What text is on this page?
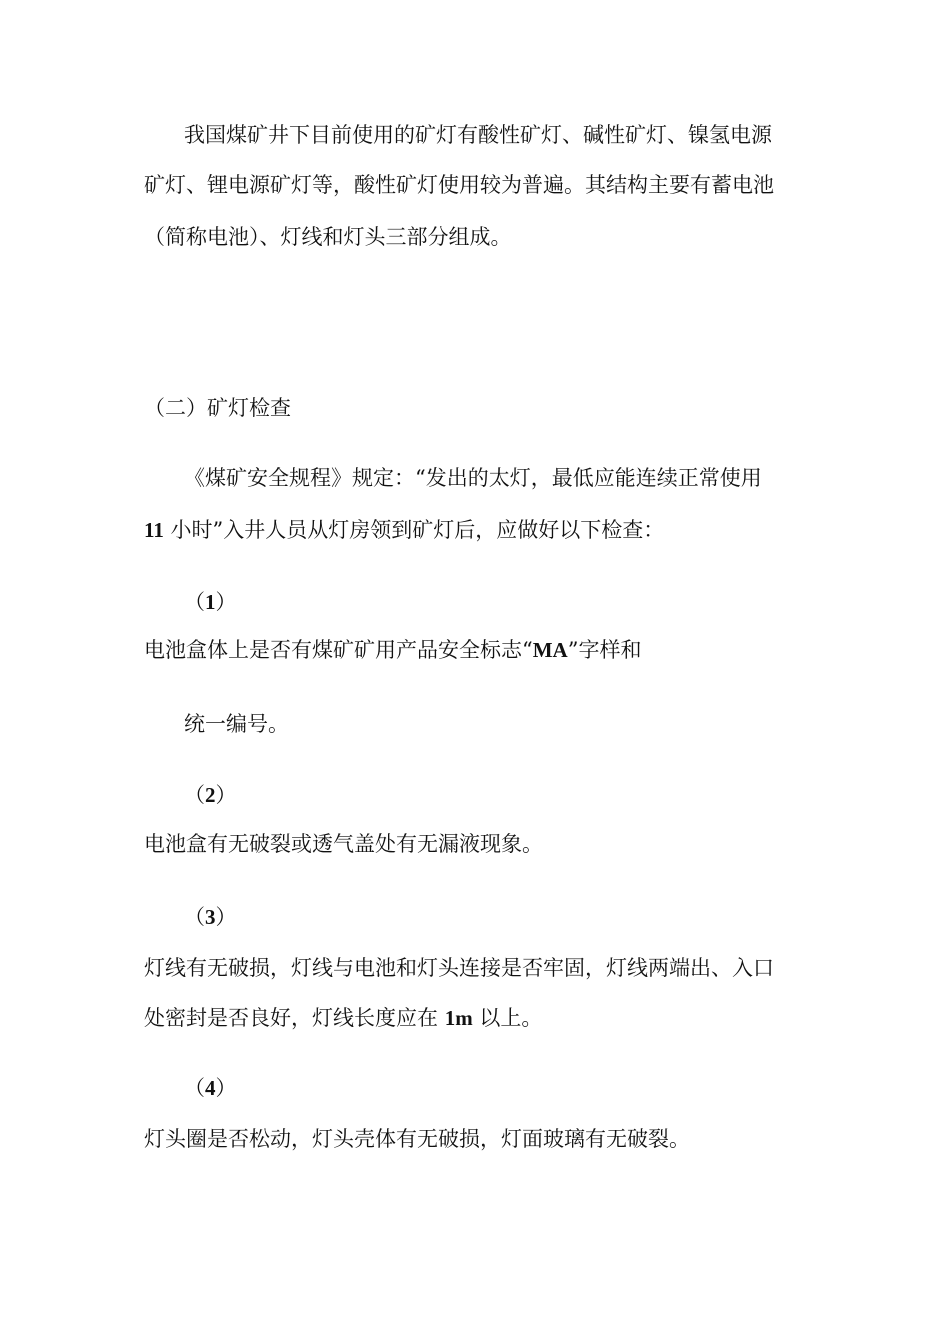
我国煤矿井下目前使用的矿灯有酸性矿灯、碱性矿灯、镍氢电源
矿灯、锂电源矿灯等，酸性矿灯使用较为普遍。其结构主要有蓄电池
（简称电池）、灯线和灯头三部分组成。
（二）矿灯检查
《煤矿安全规程》规定：“发出的太灯，最低应能连续正常使用
11 小时”入井人员从灯房领到矿灯后，应做好以下检查：
（1）
电池盒体上是否有煤矿矿用产品安全标志“MA”字样和
统一编号。
（2）
电池盒有无破裂或透气盖处有无漏液现象。
（3）
灯线有无破损，灯线与电池和灯头连接是否牢固，灯线两端出、入口
处密封是否良好，灯线长度应在 1m 以上。
（4）
灯头圈是否松动，灯头壳体有无破损，灯面玻璃有无破裂。
